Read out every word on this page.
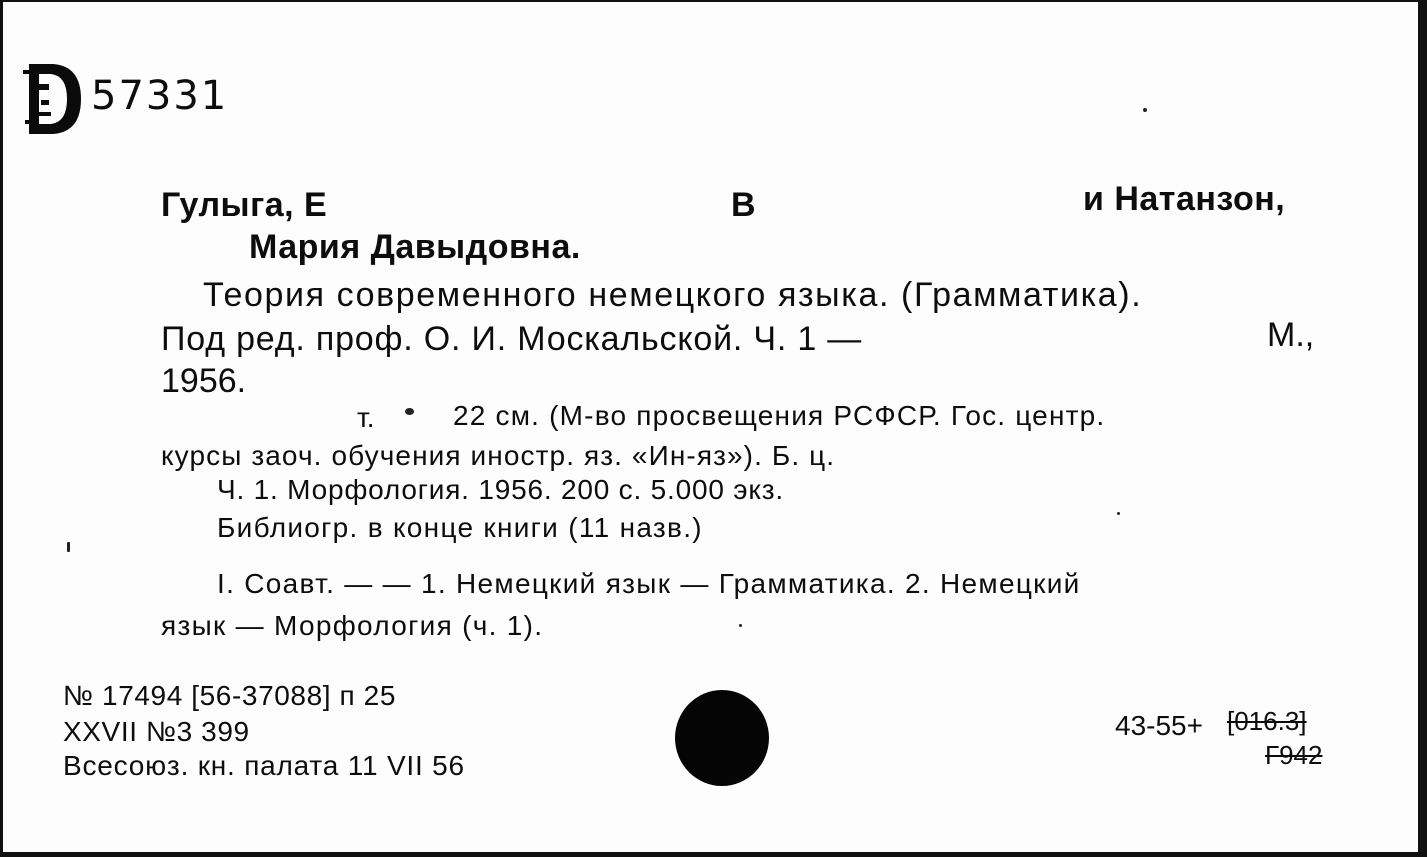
57331
Гулыга, Е	В	и Натанзон,
Мария Давыдовна.
Теория современного немецкого языка. (Грамматика).
Под ред. проф. О. И. Москальской. Ч. 1 —	М.,
1956.
т.	22 см. (М-во просвещения РСФСР. Гос. центр.
курсы заоч. обучения иностр. яз. «Ин-яз»). Б. ц.
Ч. 1. Морфология. 1956. 200 с. 5.000 экз.
Библиогр. в конце книги (11 назв.)
I. Соавт. — — 1. Немецкий язык — Грамматика. 2. Немецкий
язык — Морфология (ч. 1).
№ 17494 [56-37088] п 25
XXVII №3 399
Всесоюз. кн. палата 11 VII 56
43-55+ [016.3]
Г942
